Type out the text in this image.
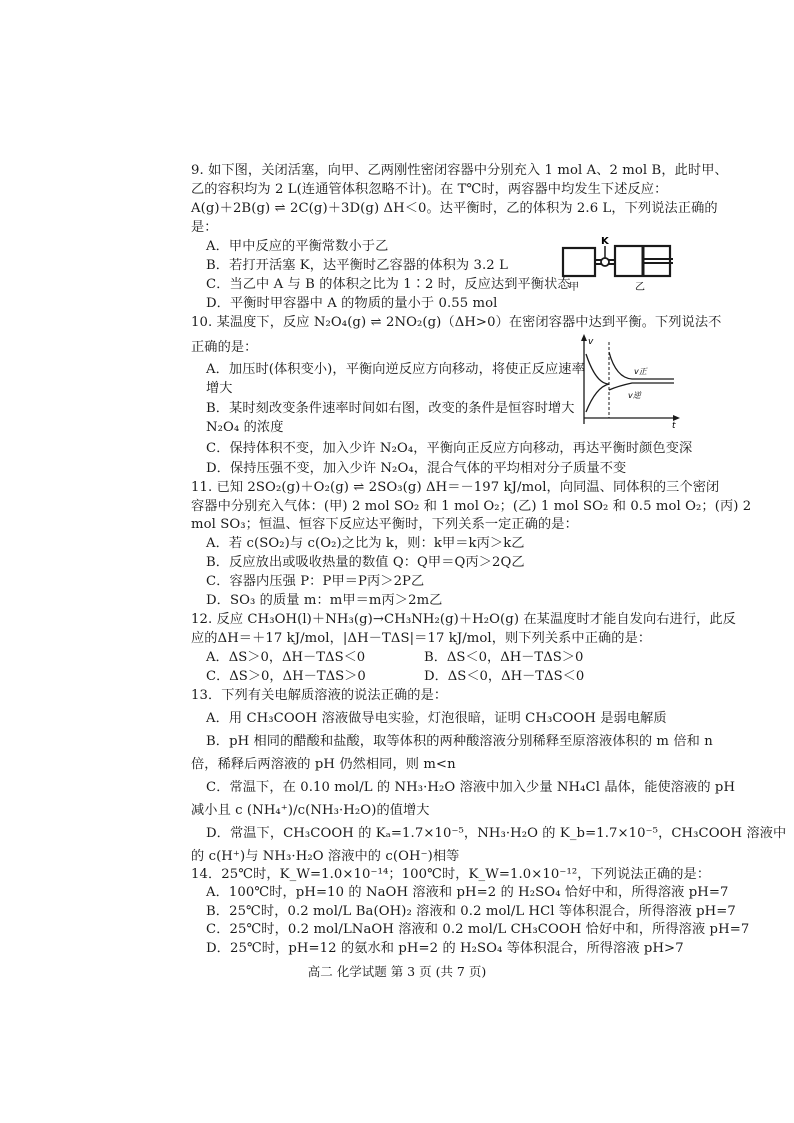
9. 如下图，关闭活塞，向甲、乙两刚性密闭容器中分别充入 1 mol A、2 mol B，此时甲、
乙的容积均为 2 L(连通管体积忽略不计)。在 T℃时，两容器中均发生下述反应：
A(g)＋2B(g) ⇌ 2C(g)＋3D(g) ΔH＜0。达平衡时，乙的体积为 2.6 L，下列说法正确的
是：
A．甲中反应的平衡常数小于乙
B．若打开活塞 K，达平衡时乙容器的体积为 3.2 L
C．当乙中 A 与 B 的体积之比为 1∶2 时，反应达到平衡状态
D．平衡时甲容器中 A 的物质的量小于 0.55 mol
K
甲	乙
10. 某温度下，反应 N₂O₄(g) ⇌ 2NO₂(g)（ΔH>0）在密闭容器中达到平衡。下列说法不
正确的是：
A．加压时(体积变小)，平衡向逆反应方向移动，将使正反应速率
增大
B．某时刻改变条件速率时间如右图，改变的条件是恒容时增大
N₂O₄ 的浓度
C．保持体积不变，加入少许 N₂O₄，平衡向正反应方向移动，再达平衡时颜色变深
D．保持压强不变，加入少许 N₂O₄，混合气体的平均相对分子质量不变
v
t
v正
v逆
11. 已知 2SO₂(g)＋O₂(g) ⇌ 2SO₃(g) ΔH＝－197 kJ/mol，向同温、同体积的三个密闭
容器中分别充入气体：(甲) 2 mol SO₂ 和 1 mol O₂；(乙) 1 mol SO₂ 和 0.5 mol O₂；(丙) 2
mol SO₃；恒温、恒容下反应达平衡时，下列关系一定正确的是：
A．若 c(SO₂)与 c(O₂)之比为 k，则：k甲＝k丙＞k乙
B．反应放出或吸收热量的数值 Q：Q甲＝Q丙＞2Q乙
C．容器内压强 P：P甲＝P丙＞2P乙
D．SO₃ 的质量 m：m甲＝m丙＞2m乙
12. 反应 CH₃OH(l)＋NH₃(g)→CH₃NH₂(g)＋H₂O(g) 在某温度时才能自发向右进行，此反
应的ΔH＝＋17 kJ/mol，|ΔH－TΔS|＝17 kJ/mol，则下列关系中正确的是：
A．ΔS＞0，ΔH－TΔS＜0	B．ΔS＜0，ΔH－TΔS＞0
C．ΔS＞0，ΔH－TΔS＞0	D．ΔS＜0，ΔH－TΔS＜0
13．下列有关电解质溶液的说法正确的是：
A．用 CH₃COOH 溶液做导电实验，灯泡很暗，证明 CH₃COOH 是弱电解质
B．pH 相同的醋酸和盐酸，取等体积的两种酸溶液分别稀释至原溶液体积的 m 倍和 n
倍，稀释后两溶液的 pH 仍然相同，则 m<n
C．常温下，在 0.10 mol/L 的 NH₃·H₂O 溶液中加入少量 NH₄Cl 晶体，能使溶液的 pH
减小且 c (NH₄⁺)/c(NH₃·H₂O)的值增大
D．常温下，CH₃COOH 的 Kₐ=1.7×10⁻⁵，NH₃·H₂O 的 K_b=1.7×10⁻⁵，CH₃COOH 溶液中
的 c(H⁺)与 NH₃·H₂O 溶液中的 c(OH⁻)相等
14．25℃时，K_W=1.0×10⁻¹⁴；100℃时，K_W=1.0×10⁻¹²，下列说法正确的是：
A．100℃时，pH=10 的 NaOH 溶液和 pH=2 的 H₂SO₄ 恰好中和，所得溶液 pH=7
B．25℃时，0.2 mol/L Ba(OH)₂ 溶液和 0.2 mol/L HCl 等体积混合，所得溶液 pH=7
C．25℃时，0.2 mol/LNaOH 溶液和 0.2 mol/L CH₃COOH 恰好中和，所得溶液 pH=7
D．25℃时，pH=12 的氨水和 pH=2 的 H₂SO₄ 等体积混合，所得溶液 pH>7
高二 化学试题 第 3 页 (共 7 页)
